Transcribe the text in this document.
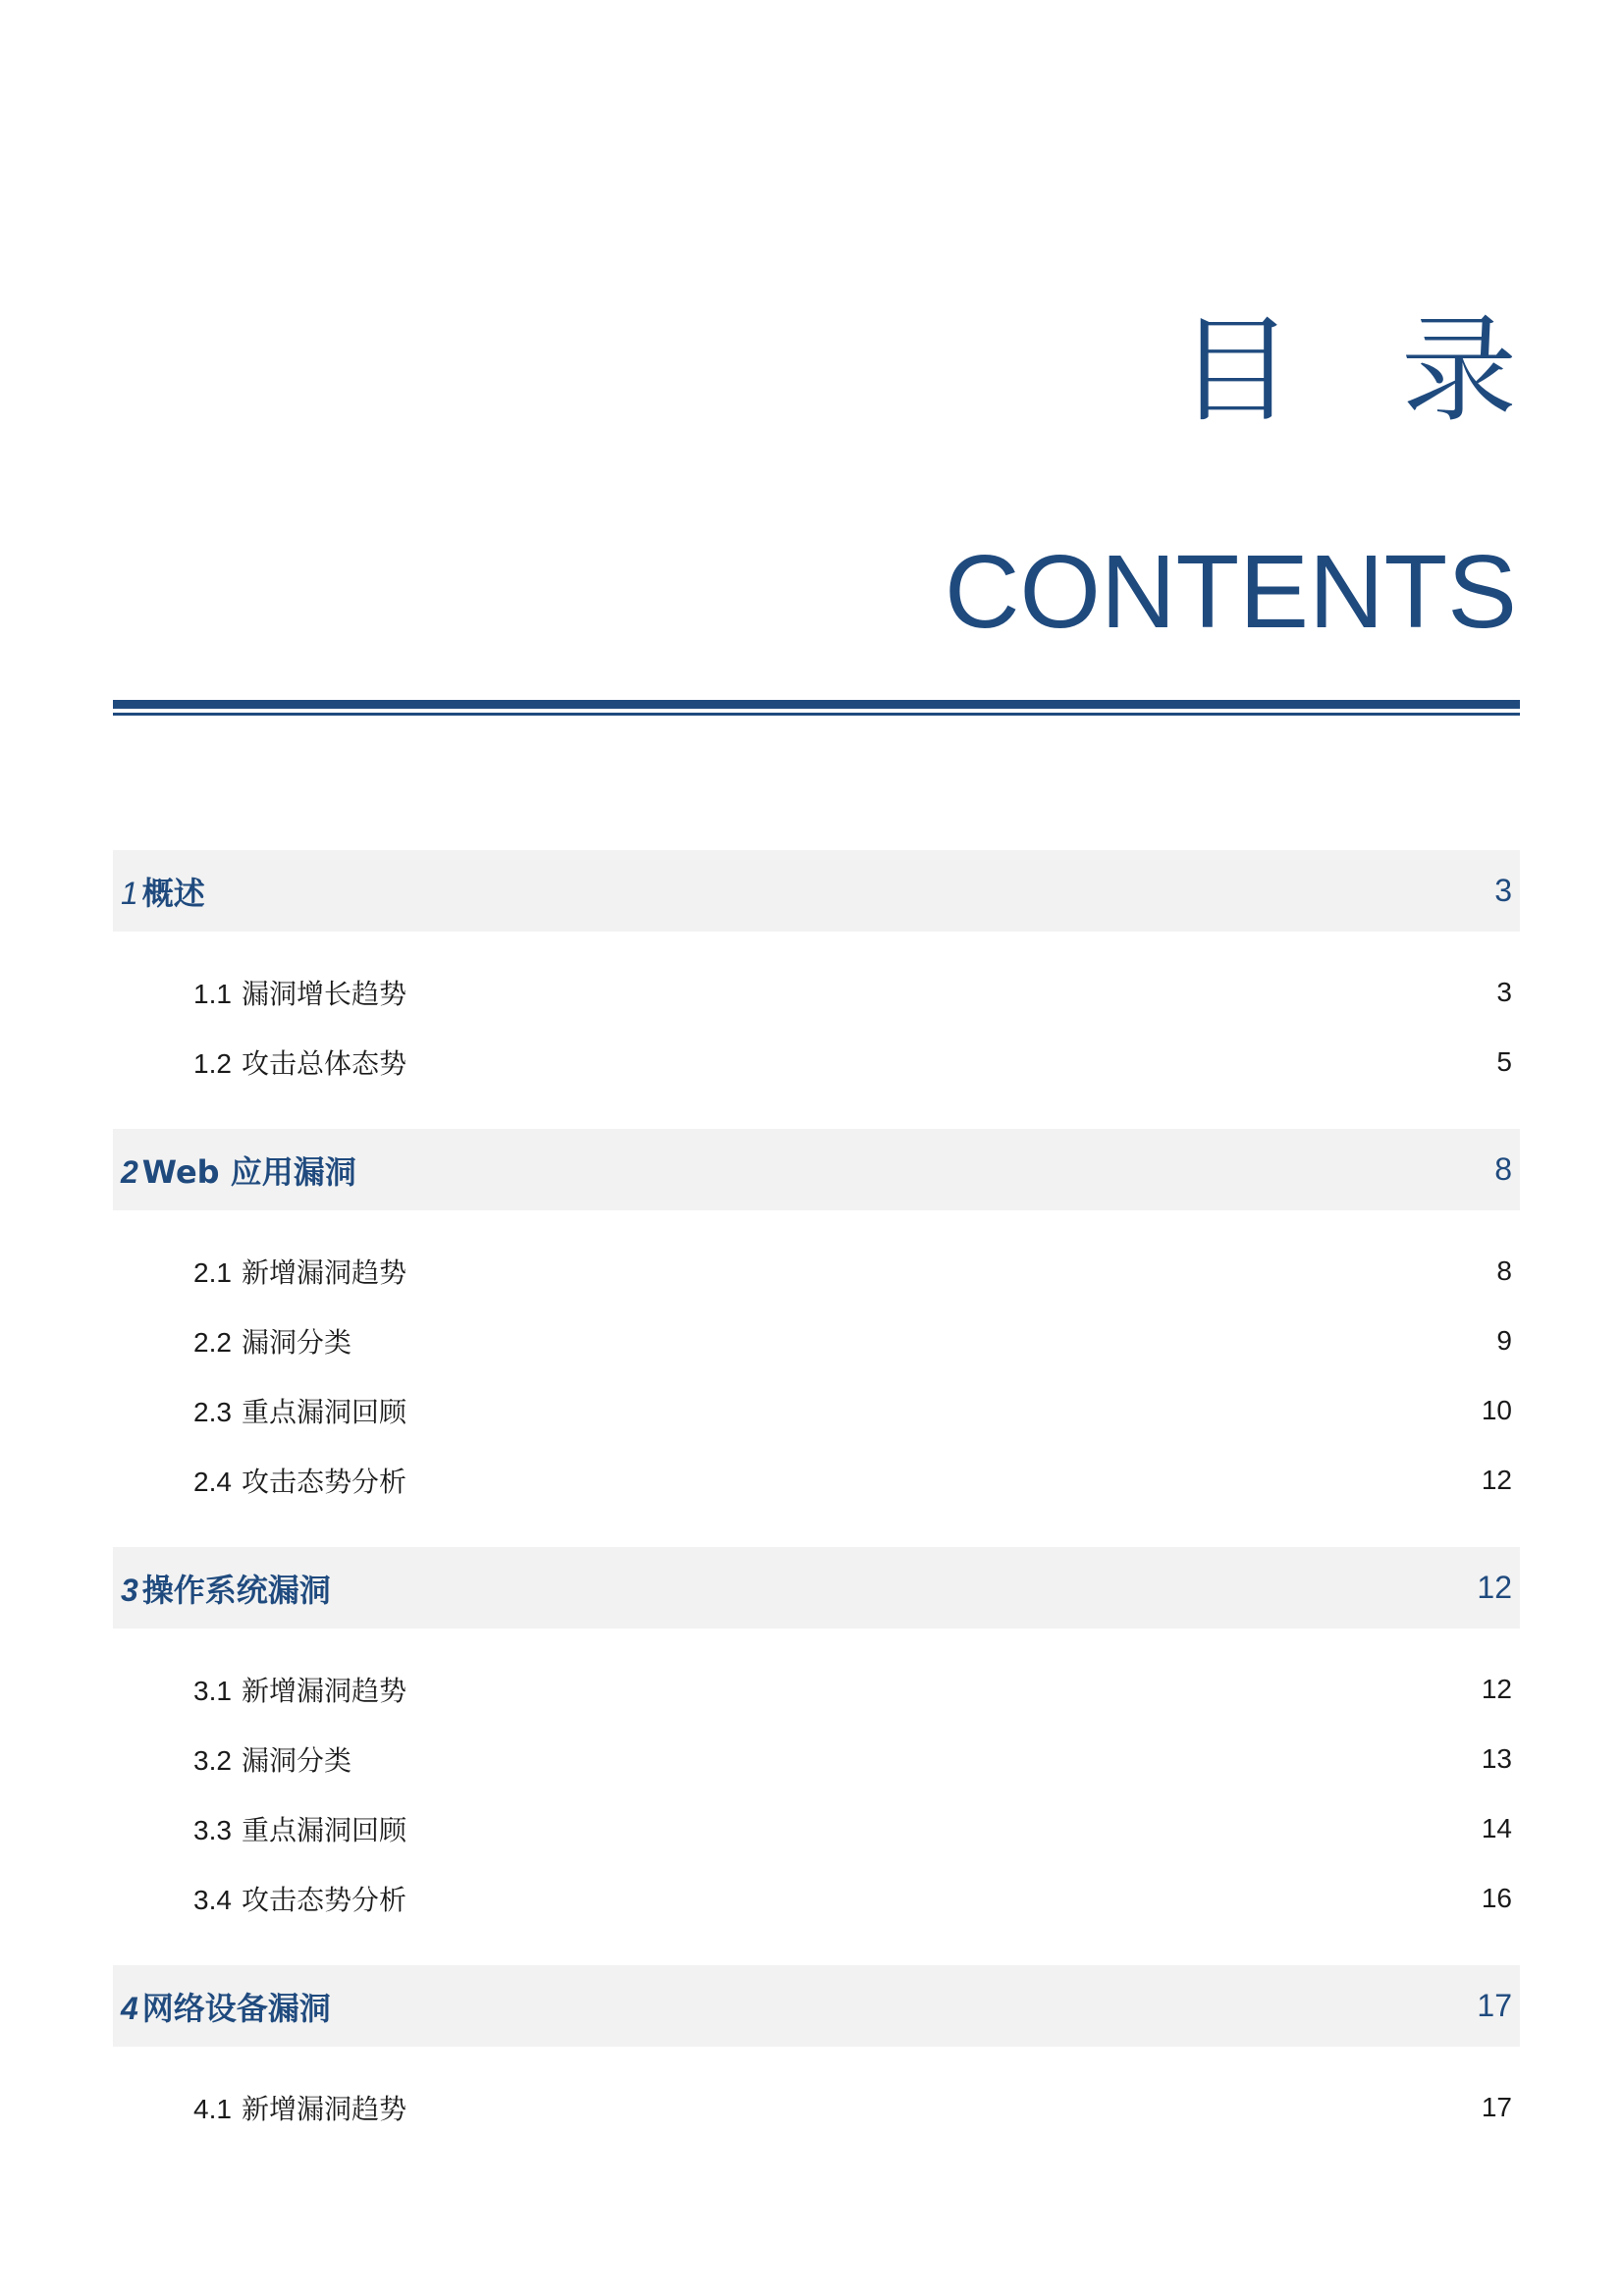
目 录
CONTENTS
1 概述	3
1.1 漏洞增长趋势	3
1.2 攻击总体态势	5
2 Web 应用漏洞	8
2.1 新增漏洞趋势	8
2.2 漏洞分类	9
2.3 重点漏洞回顾	10
2.4 攻击态势分析	12
3 操作系统漏洞	12
3.1 新增漏洞趋势	12
3.2 漏洞分类	13
3.3 重点漏洞回顾	14
3.4 攻击态势分析	16
4 网络设备漏洞	17
4.1 新增漏洞趋势	17
